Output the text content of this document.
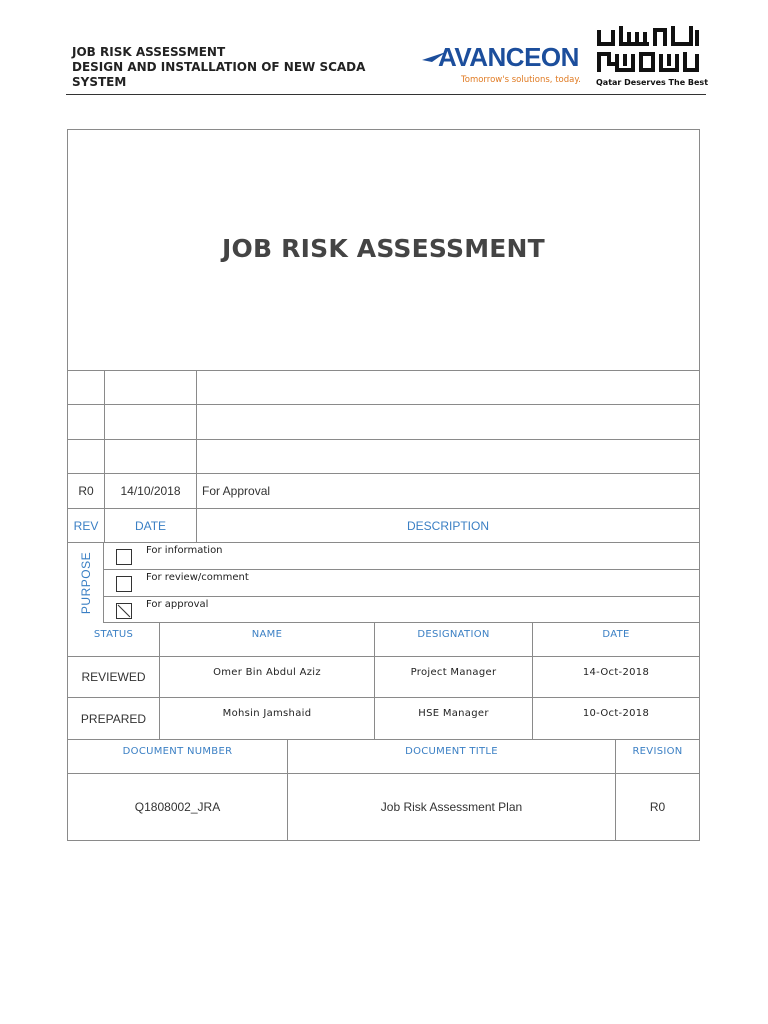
JOB RISK ASSESSMENT
DESIGN AND INSTALLATION OF NEW SCADA
SYSTEM
AVANCEON
Tomorrow's solutions, today. Qatar Deserves The Best
JOB RISK ASSESSMENT
R0	14/10/2018	For Approval
REV	DATE	DESCRIPTION
PURPOSE
For information
For review/comment
For approval
STATUS	NAME	DESIGNATION	DATE
REVIEWED	Omer Bin Abdul Aziz	Project Manager	14-Oct-2018
PREPARED	Mohsin Jamshaid	HSE Manager	10-Oct-2018
DOCUMENT NUMBER	DOCUMENT TITLE	REVISION
Q1808002_JRA	Job Risk Assessment Plan	R0
